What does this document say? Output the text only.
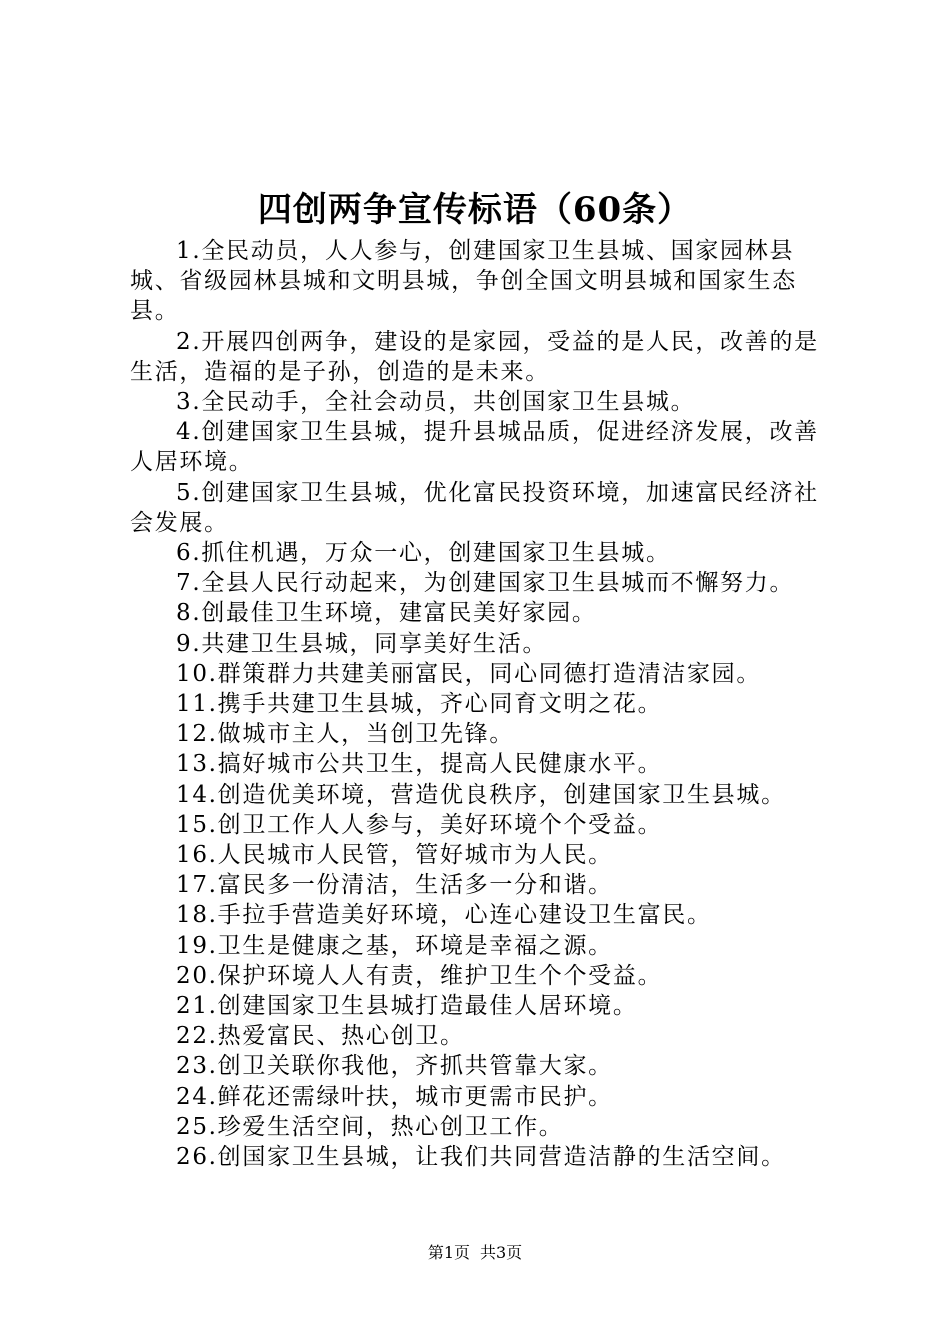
四创两争宣传标语（60条）

1.全民动员，人人参与，创建国家卫生县城、国家园林县城、省级园林县城和文明县城，争创全国文明县城和国家生态县。

2.开展四创两争，建设的是家园，受益的是人民，改善的是生活，造福的是子孙，创造的是未来。

3.全民动手，全社会动员，共创国家卫生县城。

4.创建国家卫生县城，提升县城品质，促进经济发展，改善人居环境。

5.创建国家卫生县城，优化富民投资环境，加速富民经济社会发展。

6.抓住机遇，万众一心，创建国家卫生县城。

7.全县人民行动起来，为创建国家卫生县城而不懈努力。

8.创最佳卫生环境，建富民美好家园。

9.共建卫生县城，同享美好生活。

10.群策群力共建美丽富民，同心同德打造清洁家园。

11.携手共建卫生县城，齐心同育文明之花。

12.做城市主人，当创卫先锋。

13.搞好城市公共卫生，提高人民健康水平。

14.创造优美环境，营造优良秩序，创建国家卫生县城。

15.创卫工作人人参与，美好环境个个受益。

16.人民城市人民管，管好城市为人民。

17.富民多一份清洁，生活多一分和谐。

18.手拉手营造美好环境，心连心建设卫生富民。

19.卫生是健康之基，环境是幸福之源。

20.保护环境人人有责，维护卫生个个受益。

21.创建国家卫生县城打造最佳人居环境。

22.热爱富民、热心创卫。

23.创卫关联你我他，齐抓共管靠大家。

24.鲜花还需绿叶扶，城市更需市民护。

25.珍爱生活空间，热心创卫工作。

26.创国家卫生县城，让我们共同营造洁静的生活空间。

第1页 共3页
